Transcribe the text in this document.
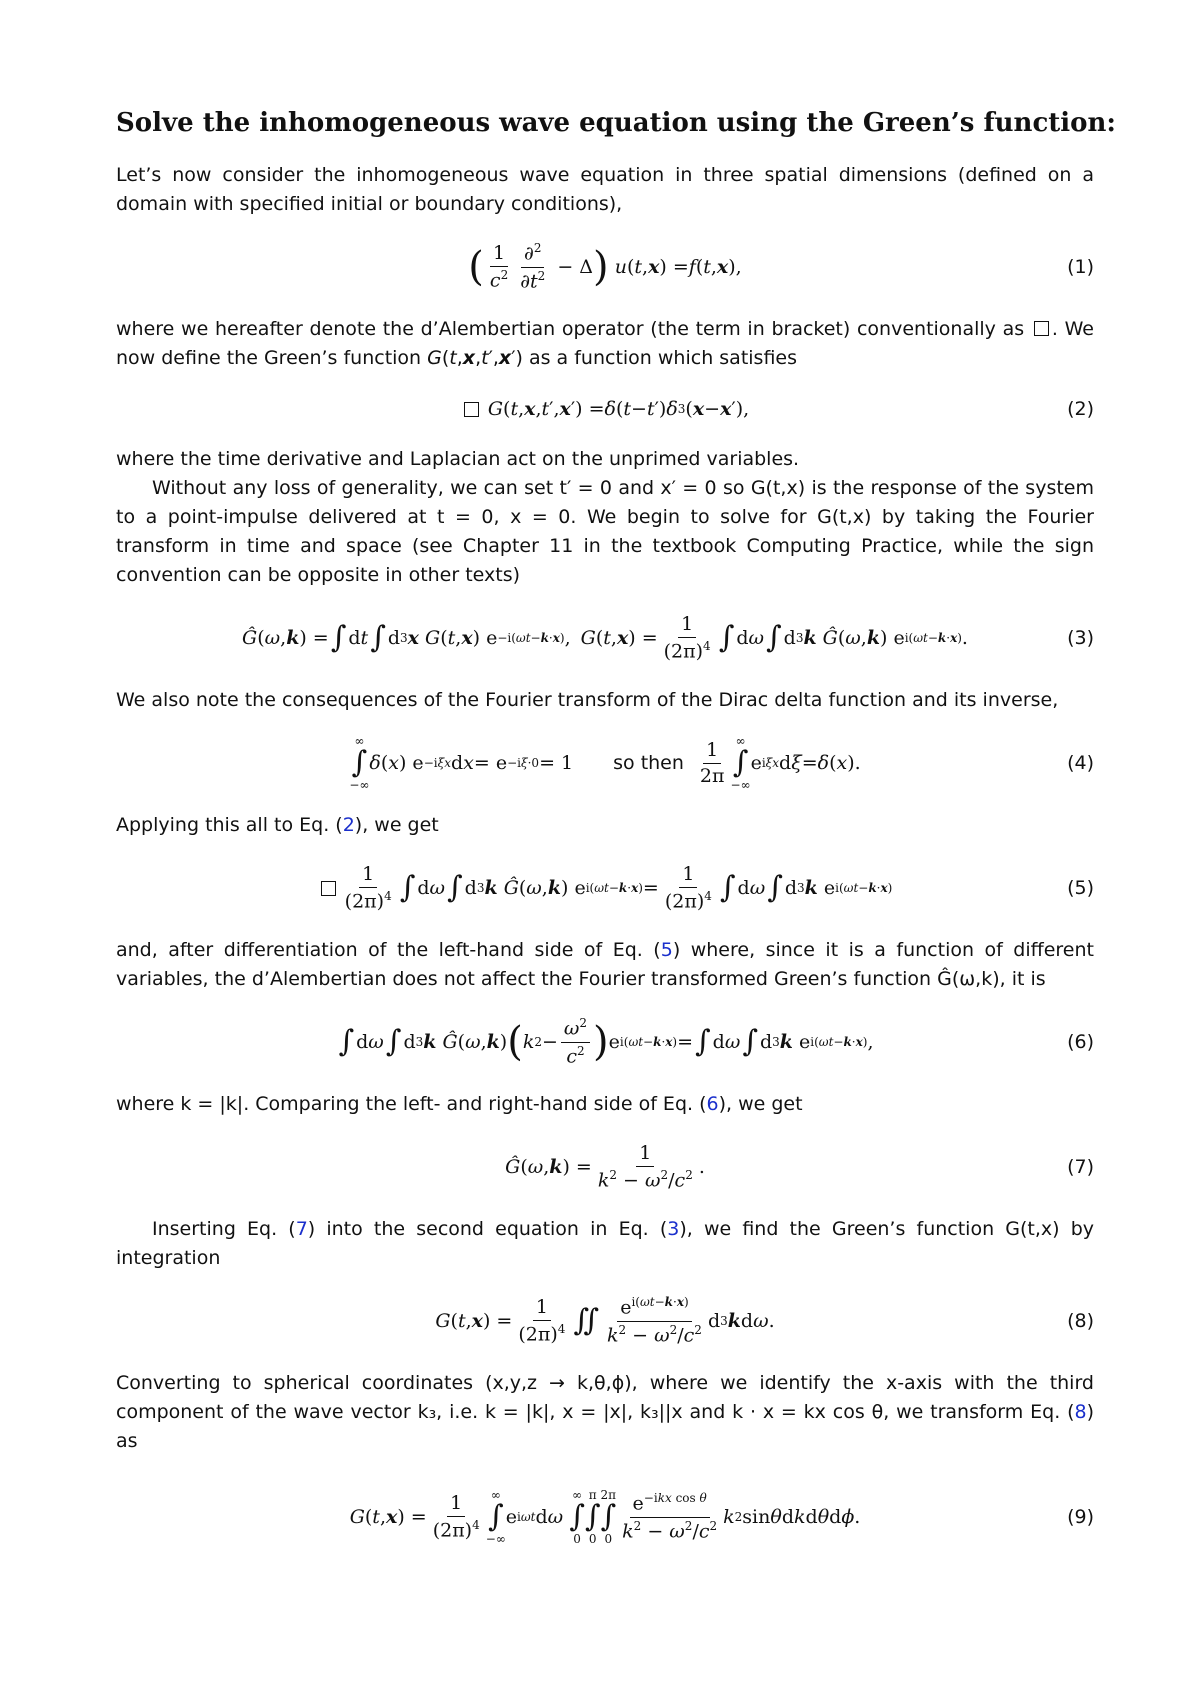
Solve the inhomogeneous wave equation using the Green’s function:

Let’s now consider the inhomogeneous wave equation in three spatial dimensions (defined on a domain with specified initial or boundary conditions),

( $\frac{1}{c^2} \frac{\partial^2}{\partial t^2} - \Delta$ )
u ( t , x ) = f ( t , x ),	(1)

where we hereafter denote the d’Alembertian operator (the term in bracket) conventionally as . We now define the Green’s function G(t,x,t′,x′) as a function which satisfies

G ( t , x , t ′, x ′) = δ ( t − t ′) δ 3 ( x − x ′),	(2)

where the time derivative and Laplacian act on the unprimed variables.

Without any loss of generality, we can set t′ = 0 and x′ = 0 so G(t,x) is the response of the system to a point-impulse delivered at t = 0, x = 0. We begin to solve for G(t,x) by taking the Fourier transform in time and space (see Chapter 11 in the textbook Computing Practice, while the sign convention can be opposite in other texts)

Ĝ ( ω , k ) = ∫ d t ∫ d 3 x
G ( t , x ) e −i(ωt−k·x) , G ( t , x ) = $\frac{1}{(2\pi)^4}$ ∫ d ω ∫ d 3 k
Ĝ ( ω , k ) e i(ωt−k·x) .	(3)

We also note the consequences of the Fourier transform of the Dirac delta function and its inverse,

∞
∫
−∞
δ ( x ) e −iξx d x = e −iξ·0 = 1 so then $\frac{1}{2\pi}$ ∞
∫
−∞
e iξx d ξ = δ ( x ).	(4)

Applying this all to Eq. (2), we get

$\frac{1}{(2\pi)^4}$ ∫ d ω ∫ d 3 k
Ĝ ( ω , k ) e $i(\omega t-k\cdot x) = \frac{1}{(2\pi)^4}$ ∫ d ω ∫ d 3 k e i(ωt−k·x)	(5)

and, after differentiation of the left-hand side of Eq. (5) where, since it is a function of different variables, the d’Alembertian does not affect the Fourier transformed Green’s function Ĝ(ω,k), it is

∫ d ω ∫ d 3 k
Ĝ ( ω , k ) ( k $2 - \frac{\omega^2}{c^2}$ ) e i(ωt−k·x) = ∫ d ω ∫ d 3 k e i(ωt−k·x) ,	(6)

where k = |k|. Comparing the left- and right-hand side of Eq. (6), we get

Ĝ ( ω , k ) = $\frac{1}{k^2 - \omega^2/c^2}$ .	(7)

Inserting Eq. (7) into the second equation in Eq. (3), we find the Green’s function G(t,x) by integration

G ( t , x ) = $\frac{1}{(2\pi)^4}$ ∬ $\frac{e^{i(\omega t-k\cdot x)}}{k^2 - \omega^2/c^2}$ d 3 k d ω .	(8)

Converting to spherical coordinates (x,y,z → k,θ,ϕ), where we identify the x-axis with the third component of the wave vector k₃, i.e. k = |k|, x = |x|, k₃||x and k · x = kx cos θ, we transform Eq. (8) as

G ( t , x ) = $\frac{1}{(2\pi)^4}$ ∞
∫
−∞
e iωt d ω

∞
∫
0
π
∫
0
2π
∫
$0 \frac{e^{-ikx cos \theta}}{k^2 - \omega^2/c^2}$ k 2 sin θ d k d θ d ϕ .	(9)
